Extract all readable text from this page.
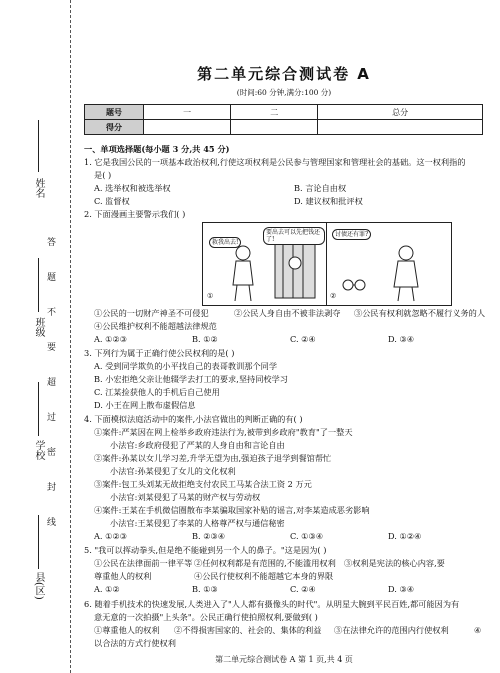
姓名
班级
学校
县(区)
答
题
不
要
超
过
密
封
线
第二单元综合测试卷 A
(时间:60 分钟,满分:100 分)
题号	一	二	总分
得分			
一、单项选择题(每小题 3 分,共 45 分)
1. 它是我国公民的一项基本政治权利,行使这项权利是公民参与管理国家和管理社会的基础。这一权利指的
是( )
A. 选举权和被选举权	B. 言论自由权
C. 监督权	D. 建议权和批评权
2. 下面漫画主要警示我们( )
救我出去!
要出去可以先把钱还了!
①
讨债还有罪?
②
①公民的一切财产神圣不可侵犯	②公民人身自由不被非法剥夺	③公民有权利就忽略不履行义务的人
④公民维护权利不能超越法律规范
A. ①②③	B. ①②	C. ②④	D. ③④
3. 下列行为属于正确行使公民权利的是( )
A. 受到同学欺负的小平找自己的表哥教训那个同学
B. 小宏拒绝父亲让他辍学去打工的要求,坚持同校学习
C. 江某捡获他人的手机后自己使用
D. 小王在网上散布虚假信息
4. 下面模拟法庭活动中的案件,小法官做出的判断正确的有( )
①案件:严某因在网上检举乡政府违法行为,被带到乡政府"教育"了一整天
小法官:乡政府侵犯了严某的人身自由和言论自由
②案件:孙某以女儿学习差,升学无望为由,强迫孩子退学到餐馆帮忙
小法官:孙某侵犯了女儿的文化权利
③案件:包工头刘某无故拒绝支付农民工马某合法工资 2 万元
小法官:刘某侵犯了马某的财产权与劳动权
④案件:王某在手机微信圈散布李某骗取国家补贴的谣言,对李某造成恶劣影响
小法官:王某侵犯了李某的人格尊严权与通信秘密
A. ①②③	B. ②③④	C. ①③④	D. ①②④
5. "我可以挥动拳头,但是绝不能碰到另一个人的鼻子。"这是因为( )
①公民在法律面前一律平等 ②任何权利都是有范围的,不能滥用权利	③权利是宪法的核心内容,要
尊重他人的权利	④公民行使权利不能超越它本身的界限
A. ①②	B. ①③	C. ②④	D. ③④
6. 随着手机技术的快速发展,人类进入了"人人都有摄像头的时代"。从明星大腕到平民百姓,都可能因为有
意无意的一次拍摄"上头条"。公民正确行使拍照权利,要做到( )
①尊重他人的权利	②不得损害国家的、社会的、集体的利益	③在法律允许的范围内行使权利	④
以合法的方式行使权利
第二单元综合测试卷 A 第 1 页,共 4 页
